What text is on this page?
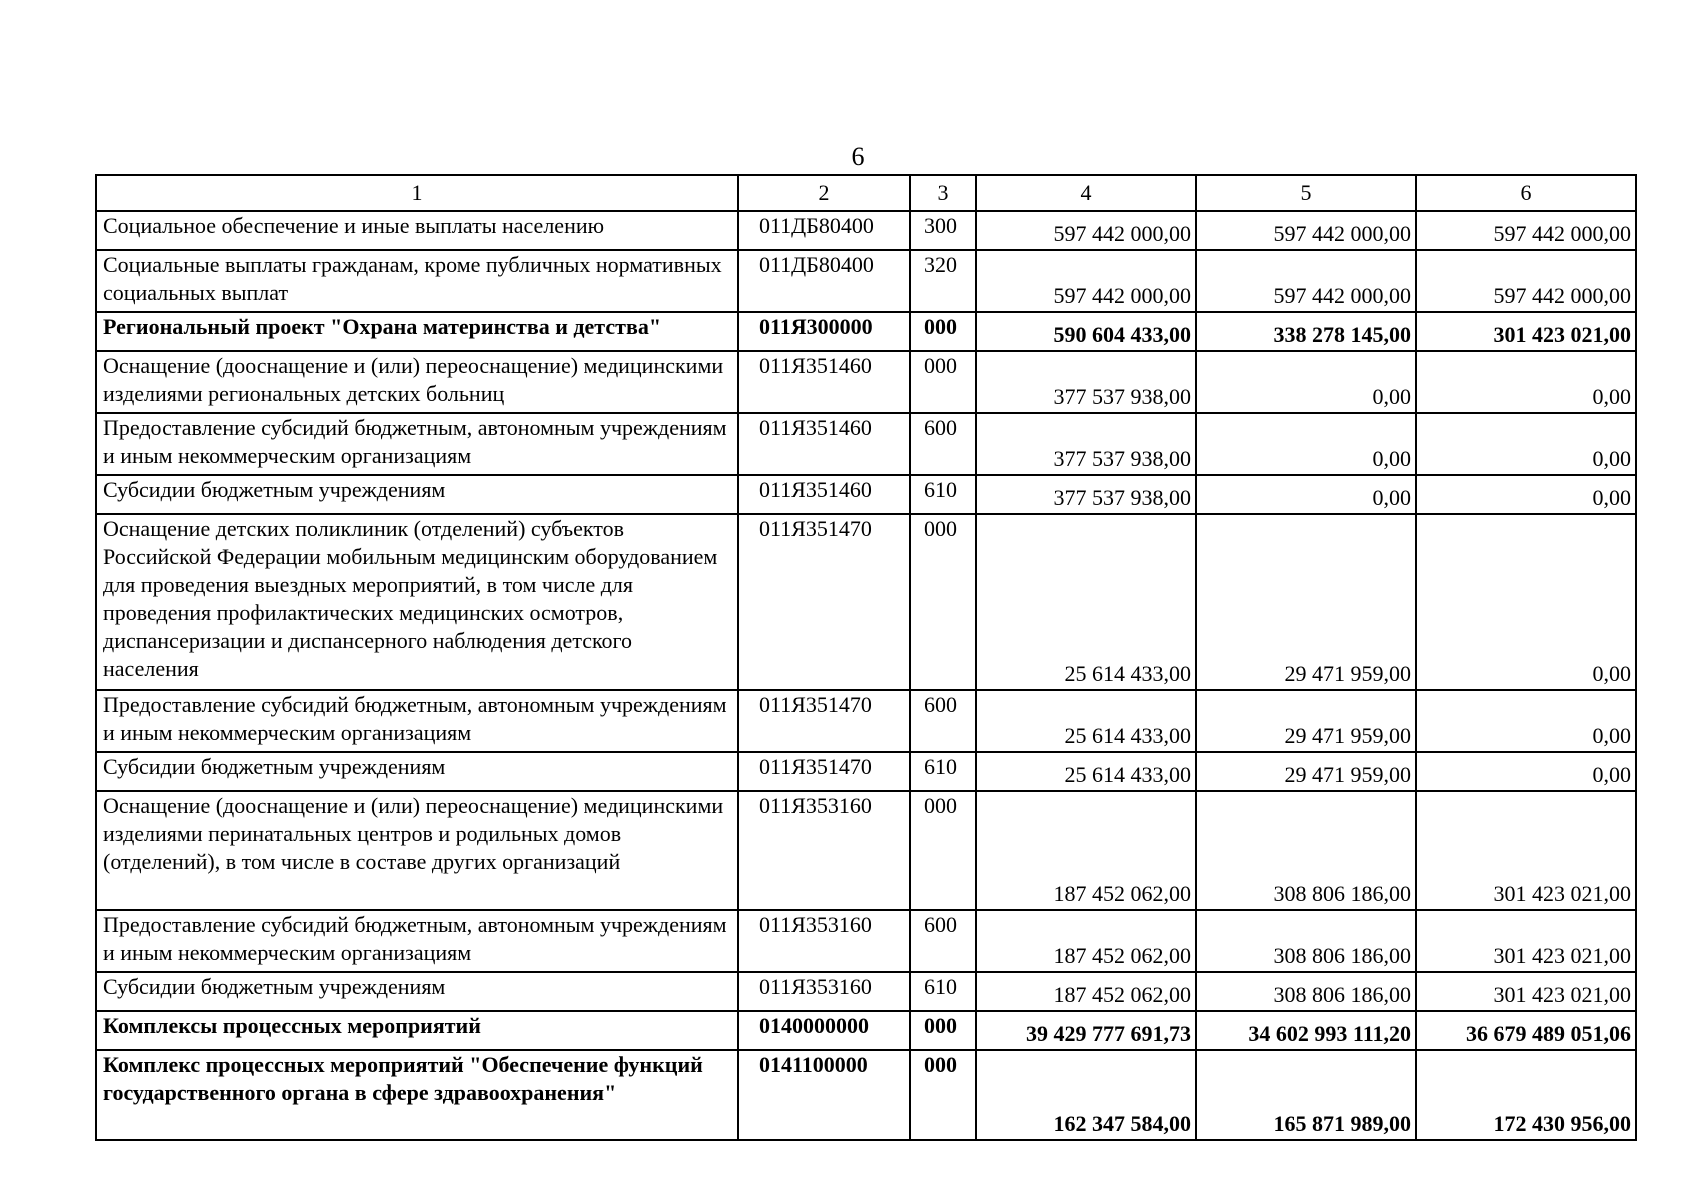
6
1	2	3	4	5	6
Социальное обеспечение и иные выплаты населению	011ДБ80400	300	597 442 000,00	597 442 000,00	597 442 000,00
Социальные выплаты гражданам, кроме публичных нормативных социальных выплат	011ДБ80400	320	597 442 000,00	597 442 000,00	597 442 000,00
Региональный проект "Охрана материнства и детства"	011Я300000	000	590 604 433,00	338 278 145,00	301 423 021,00
Оснащение (дооснащение и (или) переоснащение) медицинскими изделиями региональных детских больниц	011Я351460	000	377 537 938,00	0,00	0,00
Предоставление субсидий бюджетным, автономным учреждениям и иным некоммерческим организациям	011Я351460	600	377 537 938,00	0,00	0,00
Субсидии бюджетным учреждениям	011Я351460	610	377 537 938,00	0,00	0,00
Оснащение детских поликлиник (отделений) субъектов Российской Федерации мобильным медицинским оборудованием для проведения выездных мероприятий, в том числе для проведения профилактических медицинских осмотров, диспансеризации и диспансерного наблюдения детского населения	011Я351470	000	25 614 433,00	29 471 959,00	0,00
Предоставление субсидий бюджетным, автономным учреждениям и иным некоммерческим организациям	011Я351470	600	25 614 433,00	29 471 959,00	0,00
Субсидии бюджетным учреждениям	011Я351470	610	25 614 433,00	29 471 959,00	0,00
Оснащение (дооснащение и (или) переоснащение) медицинскими изделиями перинатальных центров и родильных домов (отделений), в том числе в составе других организаций	011Я353160	000	187 452 062,00	308 806 186,00	301 423 021,00
Предоставление субсидий бюджетным, автономным учреждениям и иным некоммерческим организациям	011Я353160	600	187 452 062,00	308 806 186,00	301 423 021,00
Субсидии бюджетным учреждениям	011Я353160	610	187 452 062,00	308 806 186,00	301 423 021,00
Комплексы процессных мероприятий	0140000000	000	39 429 777 691,73	34 602 993 111,20	36 679 489 051,06
Комплекс процессных мероприятий "Обеспечение функций государственного органа в сфере здравоохранения"	0141100000	000	162 347 584,00	165 871 989,00	172 430 956,00
